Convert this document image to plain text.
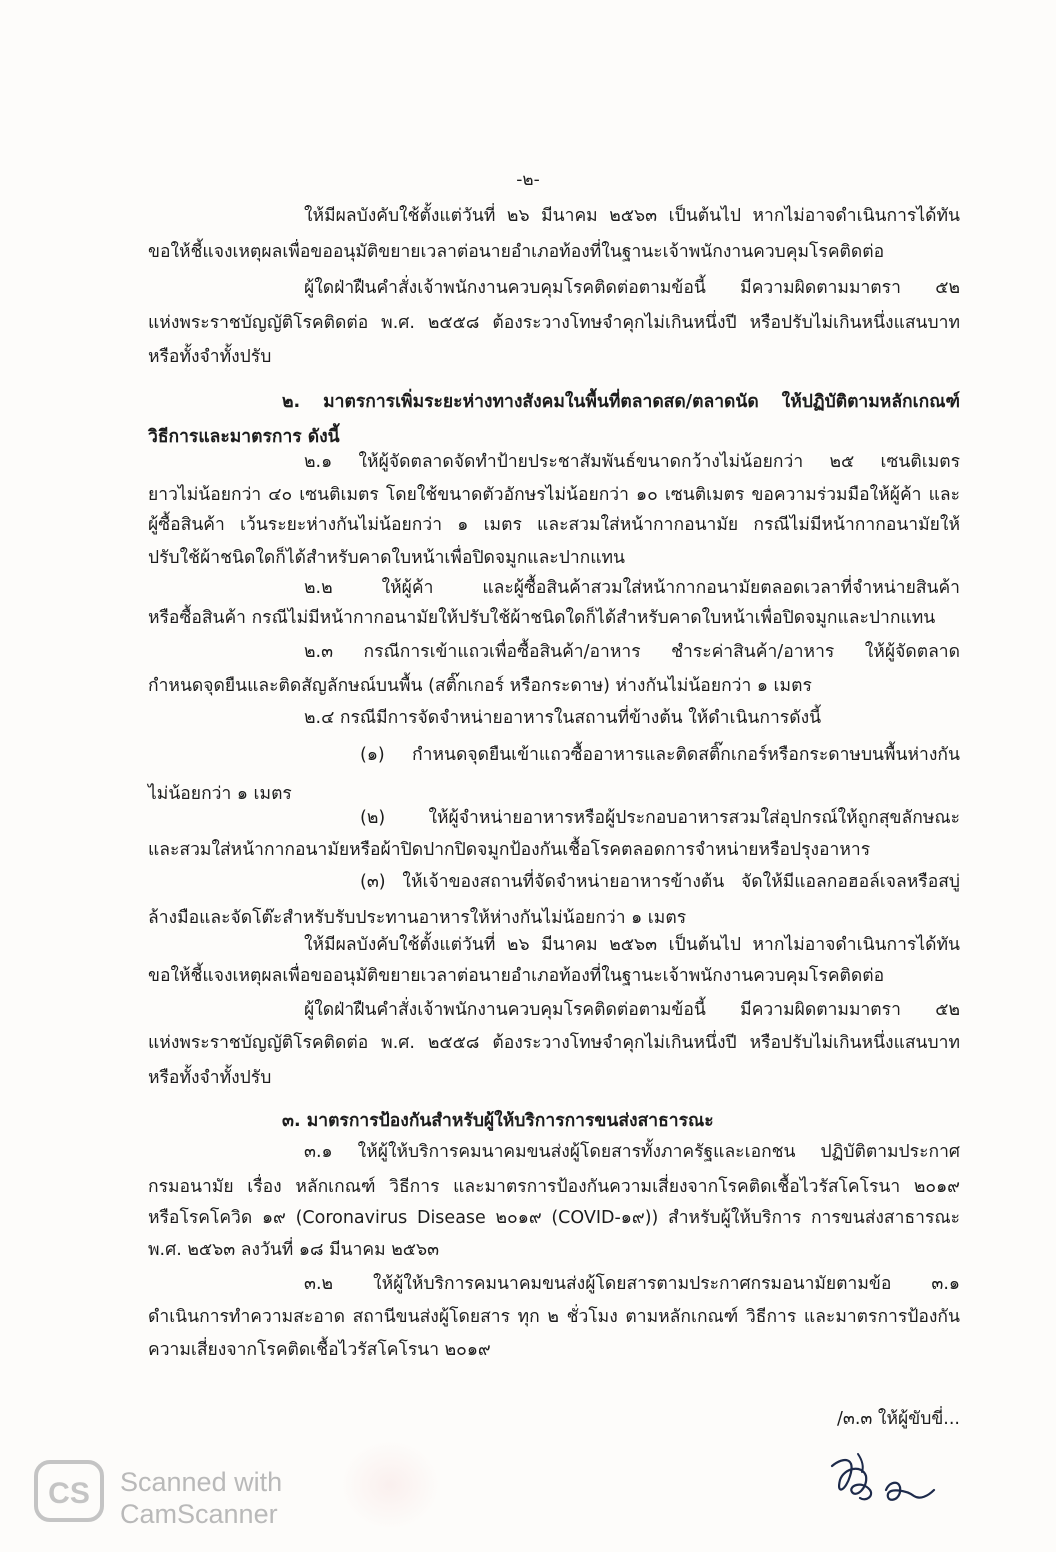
-๒-
ให้มีผลบังคับใช้ตั้งแต่วันที่ ๒๖ มีนาคม ๒๕๖๓ เป็นต้นไป หากไม่อาจดำเนินการได้ทัน
ขอให้ชี้แจงเหตุผลเพื่อขออนุมัติขยายเวลาต่อนายอำเภอท้องที่ในฐานะเจ้าพนักงานควบคุมโรคติดต่อ
ผู้ใดฝ่าฝืนคำสั่งเจ้าพนักงานควบคุมโรคติดต่อตามข้อนี้ มีความผิดตามมาตรา ๕๒
แห่งพระราชบัญญัติโรคติดต่อ พ.ศ. ๒๕๕๘ ต้องระวางโทษจำคุกไม่เกินหนึ่งปี หรือปรับไม่เกินหนึ่งแสนบาท
หรือทั้งจำทั้งปรับ
๒. มาตรการเพิ่มระยะห่างทางสังคมในพื้นที่ตลาดสด/ตลาดนัด ให้ปฏิบัติตามหลักเกณฑ์
วิธีการและมาตรการ ดังนี้
๒.๑ ให้ผู้จัดตลาดจัดทำป้ายประชาสัมพันธ์ขนาดกว้างไม่น้อยกว่า ๒๕ เซนติเมตร
ยาวไม่น้อยกว่า ๔๐ เซนติเมตร โดยใช้ขนาดตัวอักษรไม่น้อยกว่า ๑๐ เซนติเมตร ขอความร่วมมือให้ผู้ค้า และ
ผู้ซื้อสินค้า เว้นระยะห่างกันไม่น้อยกว่า ๑ เมตร และสวมใส่หน้ากากอนามัย กรณีไม่มีหน้ากากอนามัยให้
ปรับใช้ผ้าชนิดใดก็ได้สำหรับคาดใบหน้าเพื่อปิดจมูกและปากแทน
๒.๒ ให้ผู้ค้า และผู้ซื้อสินค้าสวมใส่หน้ากากอนามัยตลอดเวลาที่จำหน่ายสินค้า
หรือซื้อสินค้า กรณีไม่มีหน้ากากอนามัยให้ปรับใช้ผ้าชนิดใดก็ได้สำหรับคาดใบหน้าเพื่อปิดจมูกและปากแทน
๒.๓ กรณีการเข้าแถวเพื่อซื้อสินค้า/อาหาร ชำระค่าสินค้า/อาหาร ให้ผู้จัดตลาด
กำหนดจุดยืนและติดสัญลักษณ์บนพื้น (สติ๊กเกอร์ หรือกระดาษ) ห่างกันไม่น้อยกว่า ๑ เมตร
๒.๔ กรณีมีการจัดจำหน่ายอาหารในสถานที่ข้างต้น ให้ดำเนินการดังนี้
(๑) กำหนดจุดยืนเข้าแถวซื้ออาหารและติดสติ๊กเกอร์หรือกระดาษบนพื้นห่างกัน
ไม่น้อยกว่า ๑ เมตร
(๒) ให้ผู้จำหน่ายอาหารหรือผู้ประกอบอาหารสวมใส่อุปกรณ์ให้ถูกสุขลักษณะ
และสวมใส่หน้ากากอนามัยหรือผ้าปิดปากปิดจมูกป้องกันเชื้อโรคตลอดการจำหน่ายหรือปรุงอาหาร
(๓) ให้เจ้าของสถานที่จัดจำหน่ายอาหารข้างต้น จัดให้มีแอลกอฮอล์เจลหรือสบู่
ล้างมือและจัดโต๊ะสำหรับรับประทานอาหารให้ห่างกันไม่น้อยกว่า ๑ เมตร
ให้มีผลบังคับใช้ตั้งแต่วันที่ ๒๖ มีนาคม ๒๕๖๓ เป็นต้นไป หากไม่อาจดำเนินการได้ทัน
ขอให้ชี้แจงเหตุผลเพื่อขออนุมัติขยายเวลาต่อนายอำเภอท้องที่ในฐานะเจ้าพนักงานควบคุมโรคติดต่อ
ผู้ใดฝ่าฝืนคำสั่งเจ้าพนักงานควบคุมโรคติดต่อตามข้อนี้ มีความผิดตามมาตรา ๕๒
แห่งพระราชบัญญัติโรคติดต่อ พ.ศ. ๒๕๕๘ ต้องระวางโทษจำคุกไม่เกินหนึ่งปี หรือปรับไม่เกินหนึ่งแสนบาท
หรือทั้งจำทั้งปรับ
๓. มาตรการป้องกันสำหรับผู้ให้บริการการขนส่งสาธารณะ
๓.๑ ให้ผู้ให้บริการคมนาคมขนส่งผู้โดยสารทั้งภาครัฐและเอกชน ปฏิบัติตามประกาศ
กรมอนามัย เรื่อง หลักเกณฑ์ วิธีการ และมาตรการป้องกันความเสี่ยงจากโรคติดเชื้อไวรัสโคโรนา ๒๐๑๙
หรือโรคโควิด ๑๙ (Coronavirus Disease ๒๐๑๙ (COVID-๑๙)) สำหรับผู้ให้บริการ การขนส่งสาธารณะ
พ.ศ. ๒๕๖๓ ลงวันที่ ๑๘ มีนาคม ๒๕๖๓
๓.๒ ให้ผู้ให้บริการคมนาคมขนส่งผู้โดยสารตามประกาศกรมอนามัยตามข้อ ๓.๑
ดำเนินการทำความสะอาด สถานีขนส่งผู้โดยสาร ทุก ๒ ชั่วโมง ตามหลักเกณฑ์ วิธีการ และมาตรการป้องกัน
ความเสี่ยงจากโรคติดเชื้อไวรัสโคโรนา ๒๐๑๙
/๓.๓ ให้ผู้ขับขี่...
CS Scanned with
CamScanner
